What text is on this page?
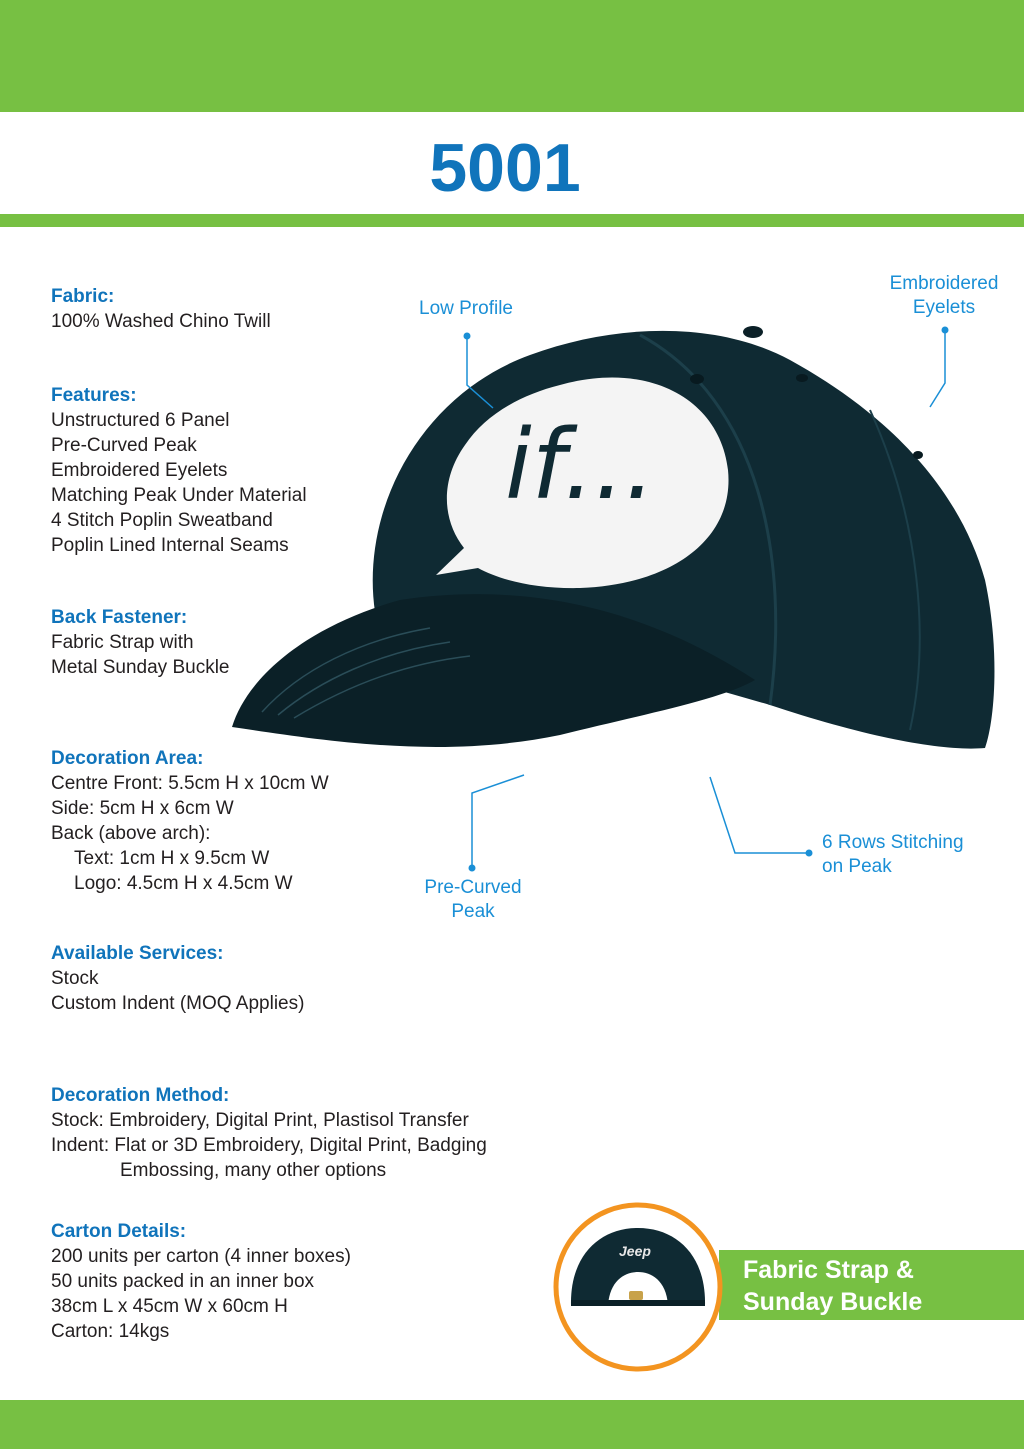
5001
Fabric:
100% Washed Chino Twill
Features:
Unstructured 6 Panel
Pre-Curved Peak
Embroidered Eyelets
Matching Peak Under Material
4 Stitch Poplin Sweatband
Poplin Lined Internal Seams
Back Fastener:
Fabric Strap with
Metal Sunday Buckle
Decoration Area:
Centre Front: 5.5cm H x 10cm W
Side: 5cm H x 6cm W
Back (above arch):
Text: 1cm H x 9.5cm W
Logo: 4.5cm H x 4.5cm W
Available Services:
Stock
Custom Indent (MOQ Applies)
Decoration Method:
Stock: Embroidery, Digital Print, Plastisol Transfer
Indent: Flat or 3D Embroidery, Digital Print, Badging
Embossing, many other options
Carton Details:
200 units per carton (4 inner boxes)
50 units packed in an inner box
38cm L x 45cm W x 60cm H
Carton: 14kgs
if...
Low Profile
Embroidered
Eyelets
Pre-Curved
Peak
6 Rows Stitching
on Peak
Fabric Strap &
Sunday Buckle
Jeep
